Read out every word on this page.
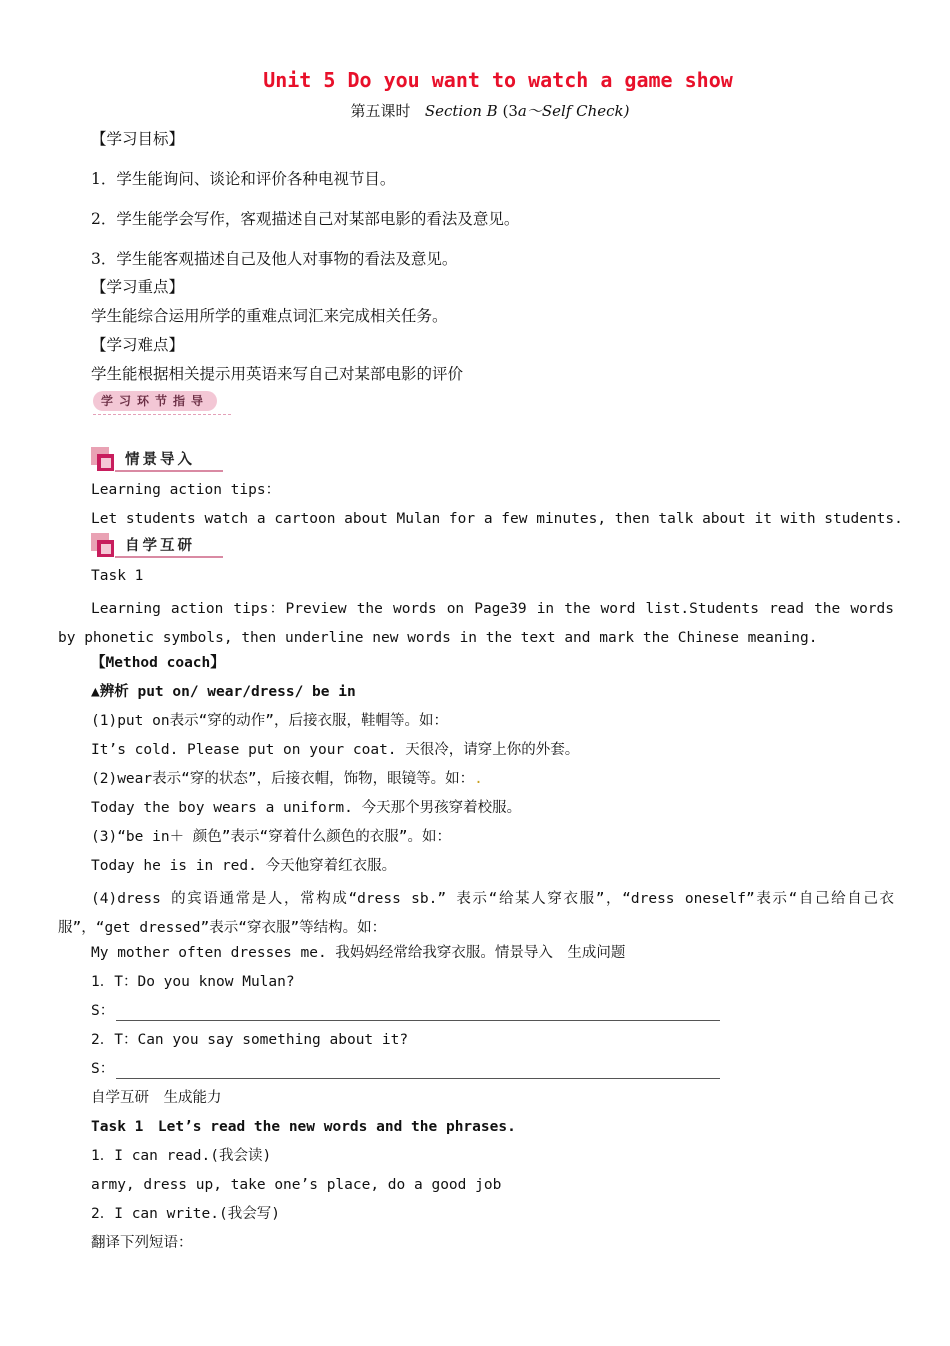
Unit 5 Do you want to watch a game show
第五课时 Section B (3a～Self Check)
【学习目标】
1．学生能询问、谈论和评价各种电视节目。
2．学生能学会写作，客观描述自己对某部电影的看法及意见。
3．学生能客观描述自己及他人对事物的看法及意见。
【学习重点】
学生能综合运用所学的重难点词汇来完成相关任务。
【学习难点】
学生能根据相关提示用英语来写自己对某部电影的评价
学习环节指导
情景导入
Learning action tips：
Let students watch a cartoon about Mulan for a few minutes, then talk about it with students.
自学互研
Task 1
Learning action tips：Preview the words on Page39 in the word list.Students read the words by phonetic symbols, then underline new words in the text and mark the Chinese meaning.
【Method coach】
▲辨析 put on/ wear/dress/ be in
(1)put on表示“穿的动作”，后接衣服，鞋帽等。如：
It’s cold. Please put on your coat. 天很冷，请穿上你的外套。
(2)wear表示“穿的状态”，后接衣帽，饰物，眼镜等。如：.
Today the boy wears a uniform. 今天那个男孩穿着校服。
(3)“be in＋ 颜色”表示“穿着什么颜色的衣服”。如：
Today he is in red. 今天他穿着红衣服。
(4)dress 的宾语通常是人，常构成“dress sb.” 表示“给某人穿衣服”，“dress oneself”表示“自己给自己衣服”，“get dressed”表示“穿衣服”等结构。如：
My mother often dresses me. 我妈妈经常给我穿衣服。情景导入　生成问题
1．T：Do you know Mulan?
S：
2．T：Can you say something about it?
S：
自学互研　生成能力
Task 1　Let’s read the new words and the phrases.
1．I can read.(我会读)
army, dress up, take one’s place, do a good job
2．I can write.(我会写)
翻译下列短语：
